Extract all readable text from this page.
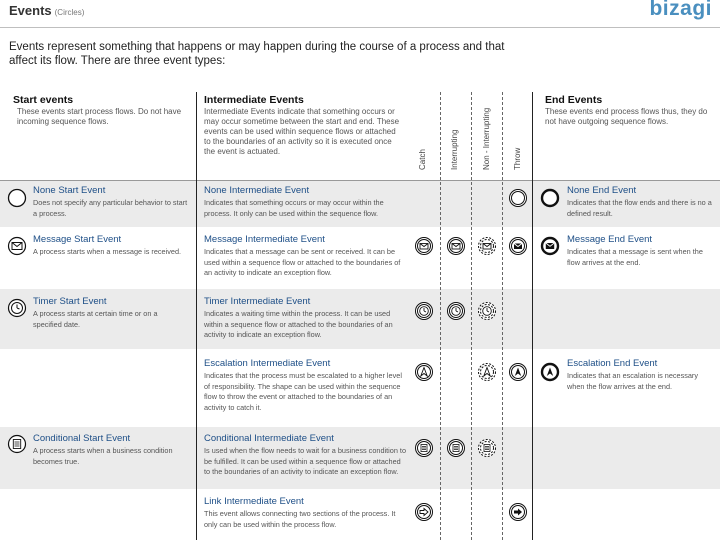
Events (Circles)	bizagi
Events represent something that happens or may happen during the course of a process and that affect its flow. There are three event types:
Start events
These events start process flows. Do not have incoming sequence flows.
Intermediate Events
Intermediate Events indicate that something occurs or may occur sometime between the start and end. These events can be used within sequence flows or attached to the boundaries of an activity so it is executed once the event is actuated.
End Events
These events end process flows thus, they do not have outgoing sequence flows.
Catch	Interrupting	Non - Interrupting	Throw
None Start Event
Does not specify any particular behavior to start a process.
None Intermediate Event
Indicates that something occurs or may occur within the process. It only can be used within the sequence flow.
None End Event
Indicates that the flow ends and there is no a defined result.
Message Start Event
A process starts when a message is received.
Message Intermediate Event
Indicates that a message can be sent or received. It can be used within a sequence flow or attached to the boundaries of an activity to indicate an exception flow.
Message End Event
Indicates that a message is sent when the flow arrives at the end.
Timer Start Event
A process starts at certain time or on a specified date.
Timer Intermediate Event
Indicates a waiting time within the process. It can be used within a sequence flow or attached to the boundaries of an activity to indicate an exception flow.
Escalation Intermediate Event
Indicates that the process must be escalated to a higher level of responsibility. The shape can be used within the sequence flow to throw the event or attached to the boundaries of an activity to catch it.
Escalation End Event
Indicates that an escalation is necessary when the flow arrives at the end.
Conditional Start Event
A process starts when a business condition becomes true.
Conditional Intermediate Event
Is used when the flow needs to wait for a business condition to be fulfilled. It can be used within a sequence flow or attached to the boundaries of an activity to indicate an exception flow.
Link Intermediate Event
This event allows connecting two sections of the process. It only can be used within the process flow.
